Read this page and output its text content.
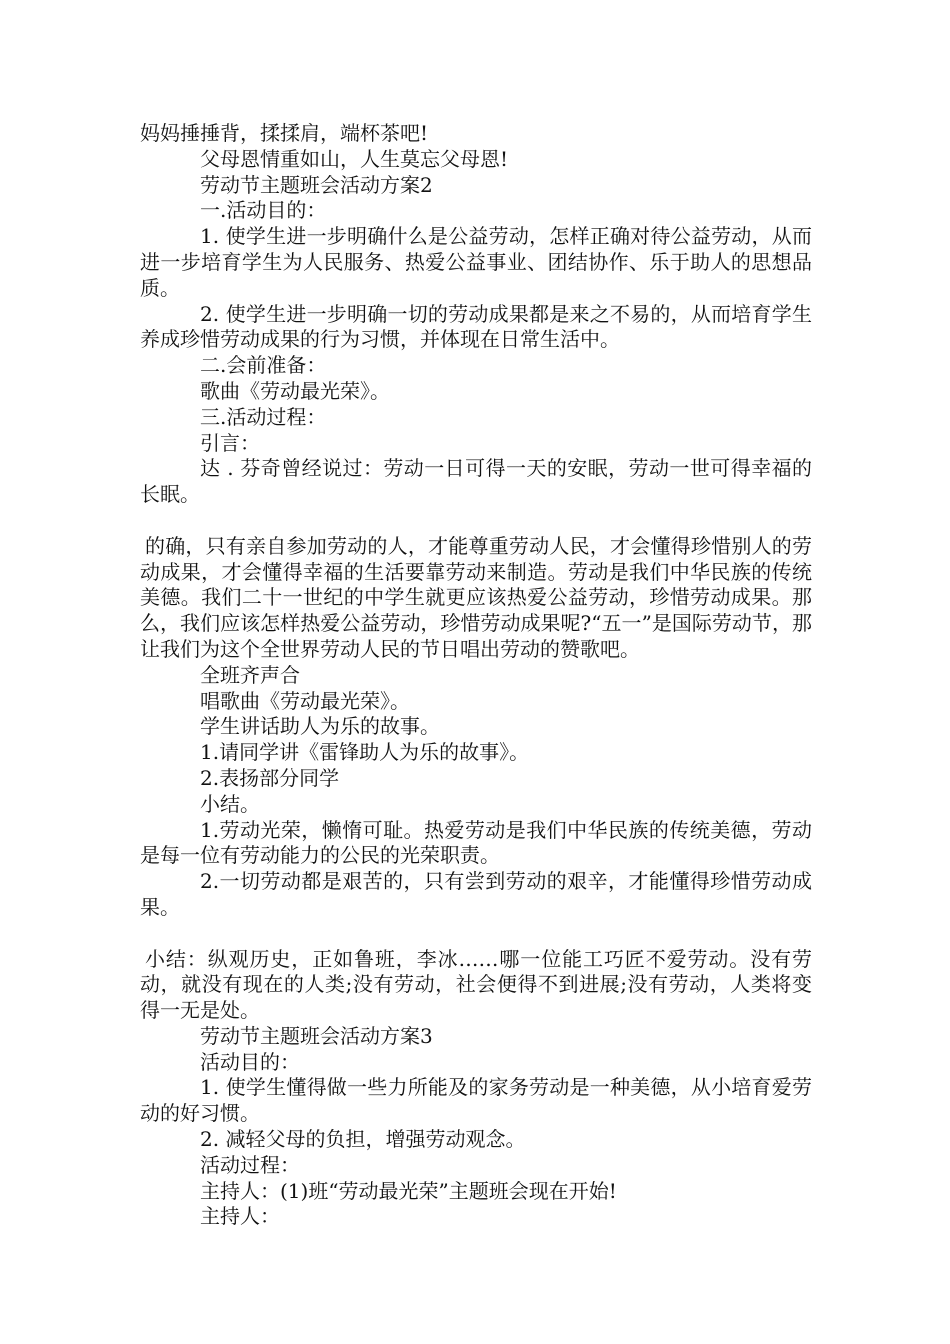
妈妈捶捶背，揉揉肩，端杯茶吧!

父母恩情重如山，人生莫忘父母恩!

劳动节主题班会活动方案2

一.活动目的：

1. 使学生进一步明确什么是公益劳动，怎样正确对待公益劳动，从而进一步培育学生为人民服务、热爱公益事业、团结协作、乐于助人的思想品质。

2. 使学生进一步明确一切的劳动成果都是来之不易的，从而培育学生养成珍惜劳动成果的行为习惯，并体现在日常生活中。

二.会前准备：

歌曲《劳动最光荣》。

三.活动过程：

引言：

达 . 芬奇曾经说过：劳动一日可得一天的安眠，劳动一世可得幸福的长眠。

的确，只有亲自参加劳动的人，才能尊重劳动人民，才会懂得珍惜别人的劳动成果，才会懂得幸福的生活要靠劳动来制造。劳动是我们中华民族的传统美德。我们二十一世纪的中学生就更应该热爱公益劳动，珍惜劳动成果。那么，我们应该怎样热爱公益劳动，珍惜劳动成果呢?“五一”是国际劳动节，那让我们为这个全世界劳动人民的节日唱出劳动的赞歌吧。

全班齐声合

唱歌曲《劳动最光荣》。

学生讲话助人为乐的故事。

1.请同学讲《雷锋助人为乐的故事》。

2.表扬部分同学

小结。

1.劳动光荣，懒惰可耻。热爱劳动是我们中华民族的传统美德，劳动是每一位有劳动能力的公民的光荣职责。

2.一切劳动都是艰苦的，只有尝到劳动的艰辛，才能懂得珍惜劳动成果。

小结：纵观历史，正如鲁班，李冰……哪一位能工巧匠不爱劳动。没有劳动，就没有现在的人类;没有劳动，社会便得不到进展;没有劳动，人类将变得一无是处。

劳动节主题班会活动方案3

活动目的：

1. 使学生懂得做一些力所能及的家务劳动是一种美德，从小培育爱劳动的好习惯。

2. 减轻父母的负担，增强劳动观念。

活动过程：

主持人：(1)班“劳动最光荣”主题班会现在开始!

主持人：
